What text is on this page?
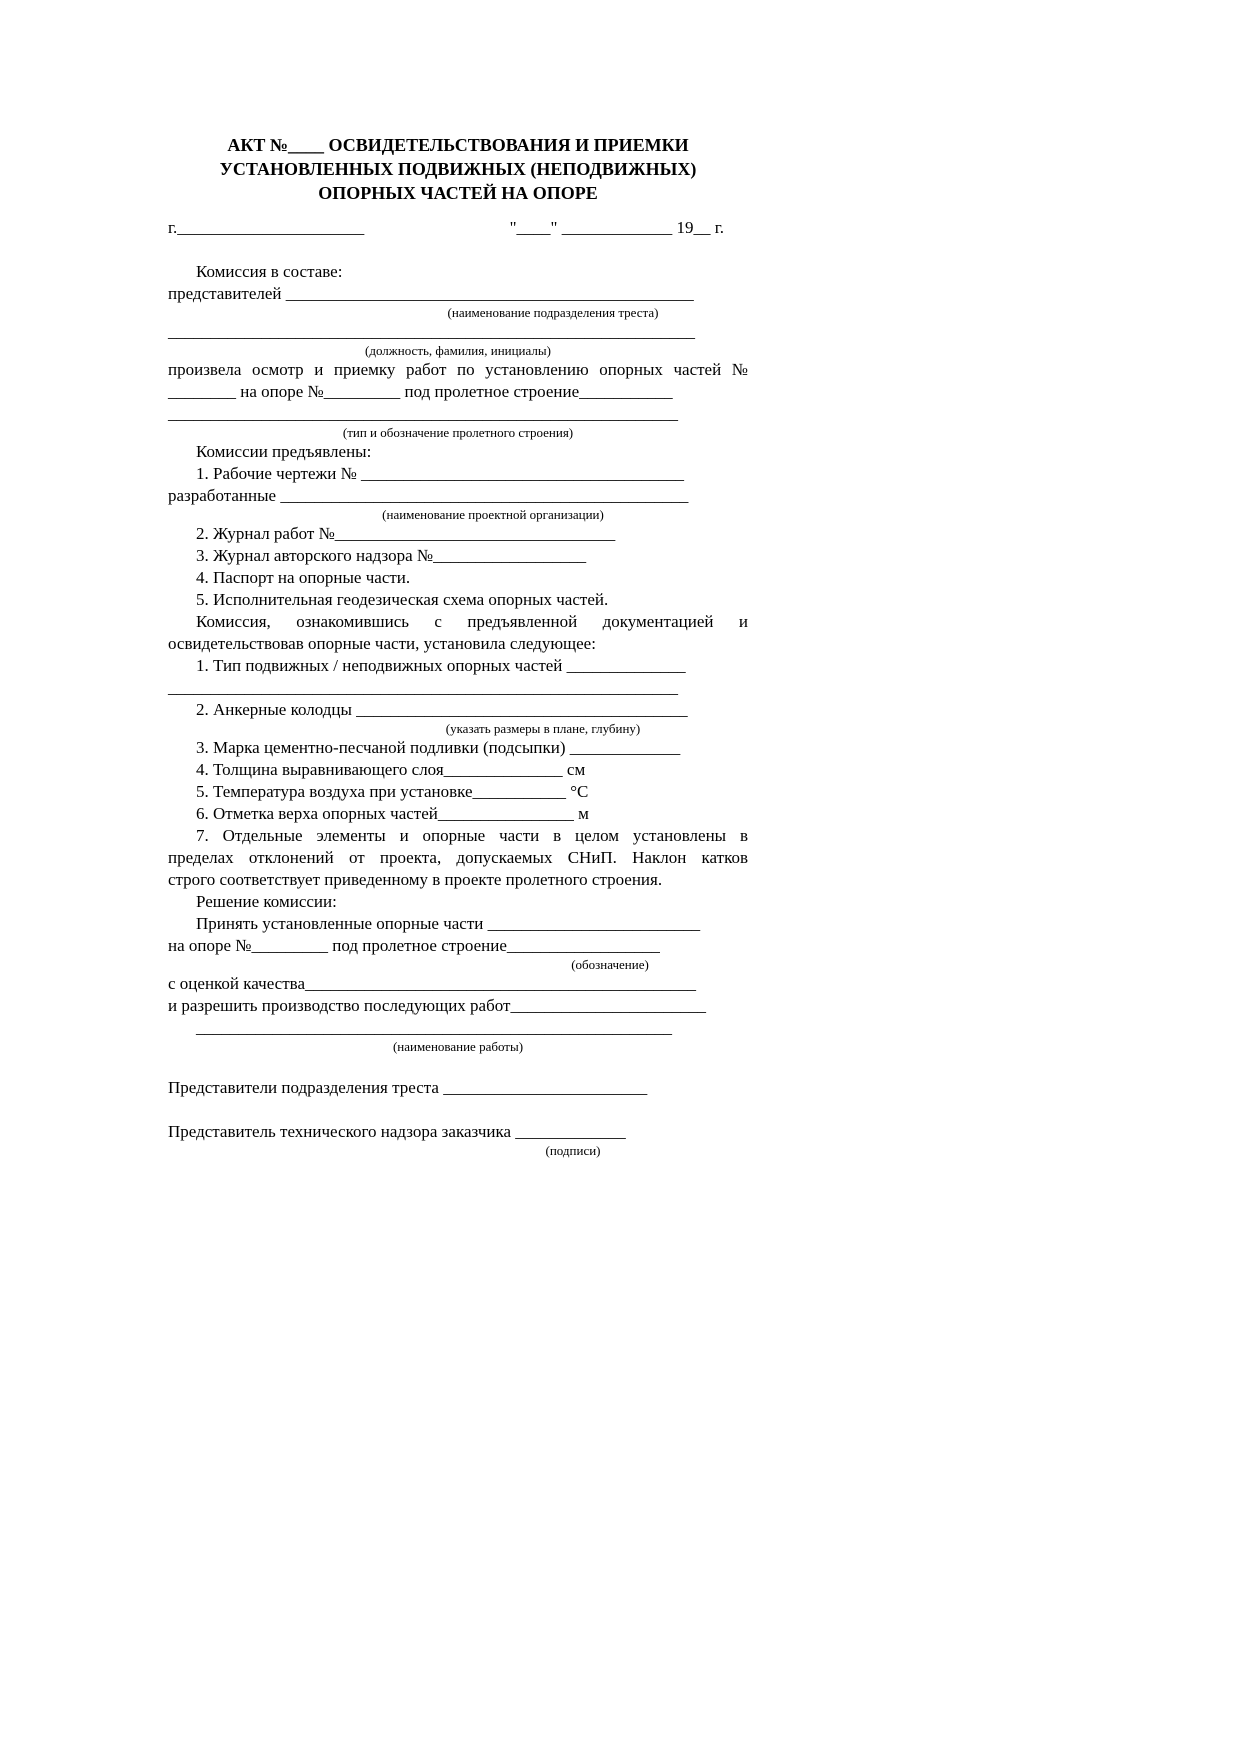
АКТ №____ ОСВИДЕТЕЛЬСТВОВАНИЯ И ПРИЕМКИ
УСТАНОВЛЕННЫХ ПОДВИЖНЫХ (НЕПОДВИЖНЫХ)
ОПОРНЫХ ЧАСТЕЙ НА ОПОРЕ
г.______________________	"____" _____________ 19__ г.
Комиссия в составе:
представителей ________________________________________________
(наименование подразделения треста)
______________________________________________________________
(должность, фамилия, инициалы)
произвела осмотр и приемку работ по установлению опорных частей №
________ на опоре №_________ под пролетное строение___________
____________________________________________________________
(тип и обозначение пролетного строения)
Комиссии предъявлены:
1. Рабочие чертежи № ______________________________________
разработанные ________________________________________________
(наименование проектной организации)
2. Журнал работ №_________________________________
3. Журнал авторского надзора №__________________
4. Паспорт на опорные части.
5. Исполнительная геодезическая схема опорных частей.
Комиссия, ознакомившись с предъявленной документацией и
освидетельствовав опорные части, установила следующее:
1. Тип подвижных / неподвижных опорных частей ______________
____________________________________________________________
2. Анкерные колодцы _______________________________________
(указать размеры в плане, глубину)
3. Марка цементно-песчаной подливки (подсыпки) _____________
4. Толщина выравнивающего слоя______________ см
5. Температура воздуха при установке___________ °С
6. Отметка верха опорных частей________________ м
7. Отдельные элементы и опорные части в целом установлены в
пределах отклонений от проекта, допускаемых СНиП. Наклон катков
строго соответствует приведенному в проекте пролетного строения.
Решение комиссии:
Принять установленные опорные части _________________________
на опоре №_________ под пролетное строение__________________
(обозначение)
с оценкой качества______________________________________________
и разрешить производство последующих работ_______________________
________________________________________________________
(наименование работы)
Представители подразделения треста ________________________
Представитель технического надзора заказчика _____________
(подписи)
